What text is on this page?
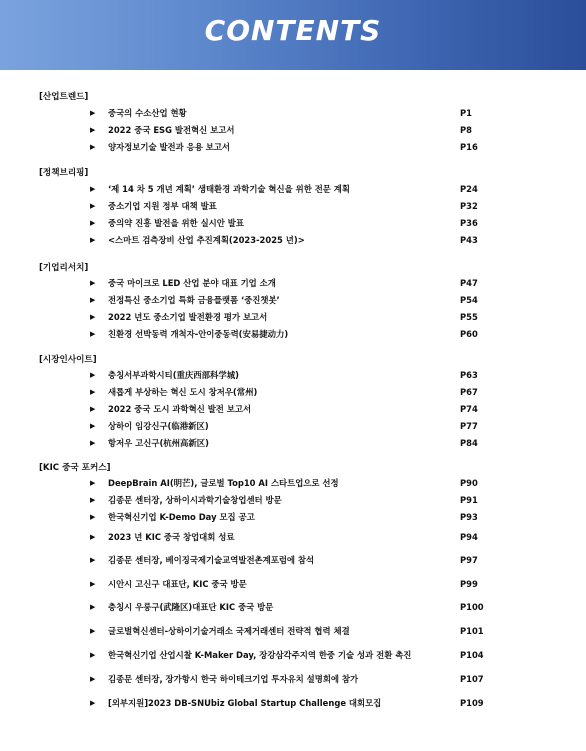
CONTENTS
[산업트렌드]
▶ 중국의 수소산업 현황	P1
▶ 2022 중국 ESG 발전혁신 보고서	P8
▶ 양자정보기술 발전과 응용 보고서	P16
[정책브리핑]
▶ ‘제 14 차 5 개년 계획’ 생태환경 과학기술 혁신을 위한 전문 계획	P24
▶ 중소기업 지원 정부 대책 발표	P32
▶ 중의약 진흥 발전을 위한 실시안 발표	P36
▶ <스마트 검측장비 산업 추진계획(2023-2025 년)>	P43
[기업리서치]
▶ 중국 마이크로 LED 산업 분야 대표 기업 소개	P47
▶ 전정특신 중소기업 특화 금융플랫폼 ‘중진챗봇’	P54
▶ 2022 년도 중소기업 발전환경 평가 보고서	P55
▶ 친환경 선박동력 개척자-안이중동력(安易捷动力)	P60
[시장인사이트]
▶ 충칭서부과학시티(重庆西部科学城)	P63
▶ 새롭게 부상하는 혁신 도시 창저우(常州)	P67
▶ 2022 중국 도시 과학혁신 발전 보고서	P74
▶ 상하이 임강신구(临港新区)	P77
▶ 항저우 고신구(杭州高新区)	P84
[KIC 중국 포커스]
▶ DeepBrain AI(明芒), 글로벌 Top10 AI 스타트업으로 선정	P90
▶ 김종문 센터장, 상하이시과학기술창업센터 방문	P91
▶ 한국혁신기업 K-Demo Day 모집 공고	P93
▶ 2023 년 KIC 중국 창업대회 성료	P94
▶ 김종문 센터장, 베이징국제기술교역발전촌계포럼에 참석	P97
▶ 시안시 고신구 대표단, KIC 중국 방문	P99
▶ 충칭시 우룽구(武隆区)대표단 KIC 중국 방문	P100
▶ 글로벌혁신센터-상하이기술거래소 국제거래센터 전략적 협력 체결	P101
▶ 한국혁신기업 산업시찰 K-Maker Day, 장강삼각주지역 한중 기술 성과 전환 촉진	P104
▶ 김종문 센터장, 장가항시 한국 하이테크기업 투자유치 설명회에 참가	P107
▶ [외부지원]2023 DB-SNUbiz Global Startup Challenge 대회모집	P109
